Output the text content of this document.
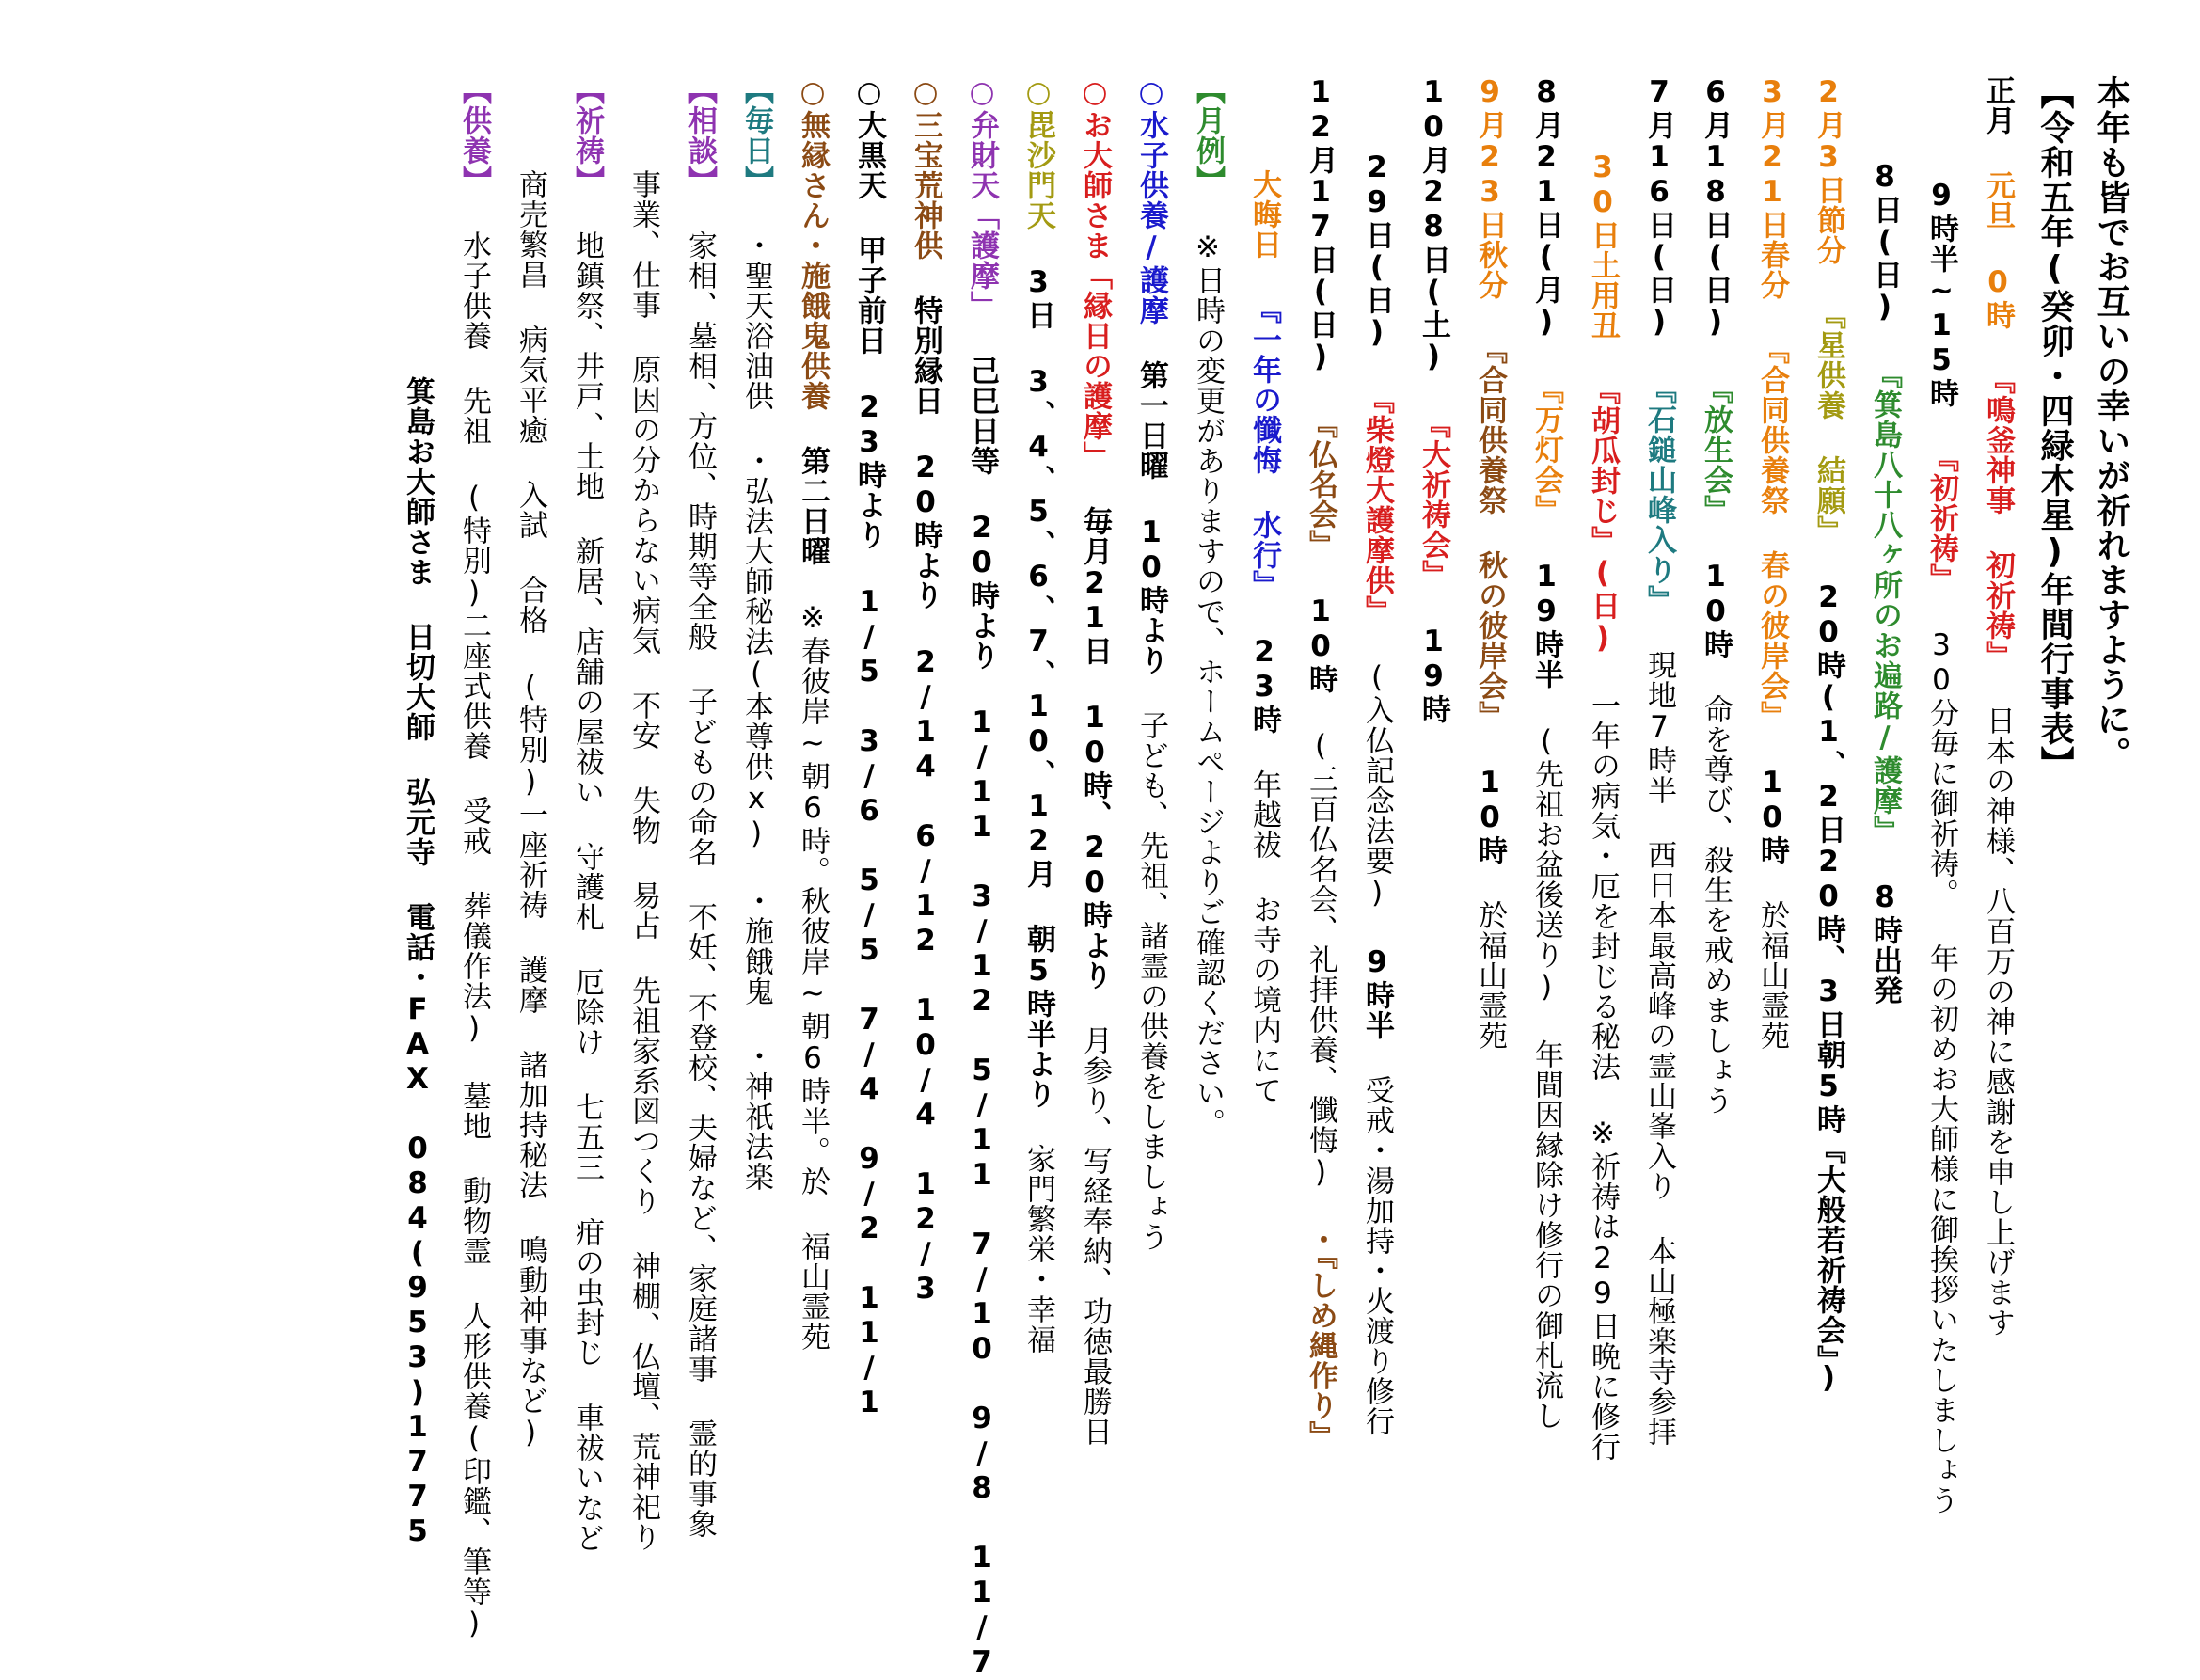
本年も皆でお互いの幸いが祈れますように。
【令和五年(癸卯・四緑木星)年間行事表】
正月 元旦 0時 『鳴釜神事 初祈祷』 日本の神様、八百万の神に感謝を申し上げます
9時半~15時 『初祈祷』 30分毎に御祈祷。 年の初めお大師様に御挨拶いたしましょう
8日(日) 『箕島八十八ヶ所のお遍路/護摩』 8時出発
2月3日節分 『星供養 結願』 20時(1、2日20時、3日朝5時『大般若祈祷会』)
3月21日春分 『合同供養祭 春の彼岸会』 10時 於福山霊苑
6月18日(日) 『放生会』 10時 命を尊び、殺生を戒めましょう
7月16日(日) 『石鎚山峰入り』 現地7時半 西日本最高峰の霊山峯入り 本山極楽寺参拝
30日土用丑 『胡瓜封じ』(日) 一年の病気・厄を封じる秘法 ※祈祷は29日晩に修行
8月21日(月) 『万灯会』 19時半 (先祖お盆後送り) 年間因縁除け修行の御札流し
9月23日秋分 『合同供養祭 秋の彼岸会』 10時 於福山霊苑
10月28日(土) 『大祈祷会』 19時
29日(日) 『柴燈大護摩供』 (入仏記念法要) 9時半 受戒・湯加持・火渡り修行
12月17日(日) 『仏名会』 10時 (三百仏名会、礼拝供養、懺悔) ・『しめ縄作り』
大晦日 『一年の懺悔 水行』 23時 年越祓 お寺の境内にて
【月例】 ※日時の変更がありますので、ホームページよりご確認ください。
○水子供養/護摩 第一日曜 10時より 子ども、先祖、諸霊の供養をしましょう
○お大師さま「縁日の護摩」 毎月21日 10時、20時より 月参り、写経奉納、功徳最勝日
○毘沙門天 3日 3、4、5、6、7、10、12月 朝5時半より 家門繁栄・幸福
○弁財天「護摩」 己巳日等 20時より 1/11 3/12 5/11 7/10 9/8 11/7
○三宝荒神供 特別縁日 20時より 2/14 6/12 10/4 12/3
○大黒天 甲子前日 23時より 1/5 3/6 5/5 7/4 9/2 11/1
○無縁さん・施餓鬼供養 第二日曜 ※春彼岸~朝6時。秋彼岸~朝6時半。於 福山霊苑
【毎日】 ・聖天浴油供 ・弘法大師秘法(本尊供x) ・施餓鬼 ・神祇法楽
【相談】 家相、墓相、方位、時期等全般 子どもの命名 不妊、不登校、夫婦など、家庭諸事 霊的事象
事業、仕事 原因の分からない病気 不安 失物 易占 先祖家系図つくり 神棚、仏壇、荒神祀り
【祈祷】 地鎮祭、井戸、土地 新居、店舗の屋祓い 守護札 厄除け 七五三 疳の虫封じ 車祓いなど
商売繁昌 病気平癒 入試 合格 (特別)一座祈祷 護摩 諸加持秘法 鳴動神事など)
【供養】 水子供養 先祖 (特別)二座式供養 受戒 葬儀作法) 墓地 動物霊 人形供養(印鑑、筆等)
箕島お大師さま 日切大師 弘元寺 電話・FAX 084(953)1775
